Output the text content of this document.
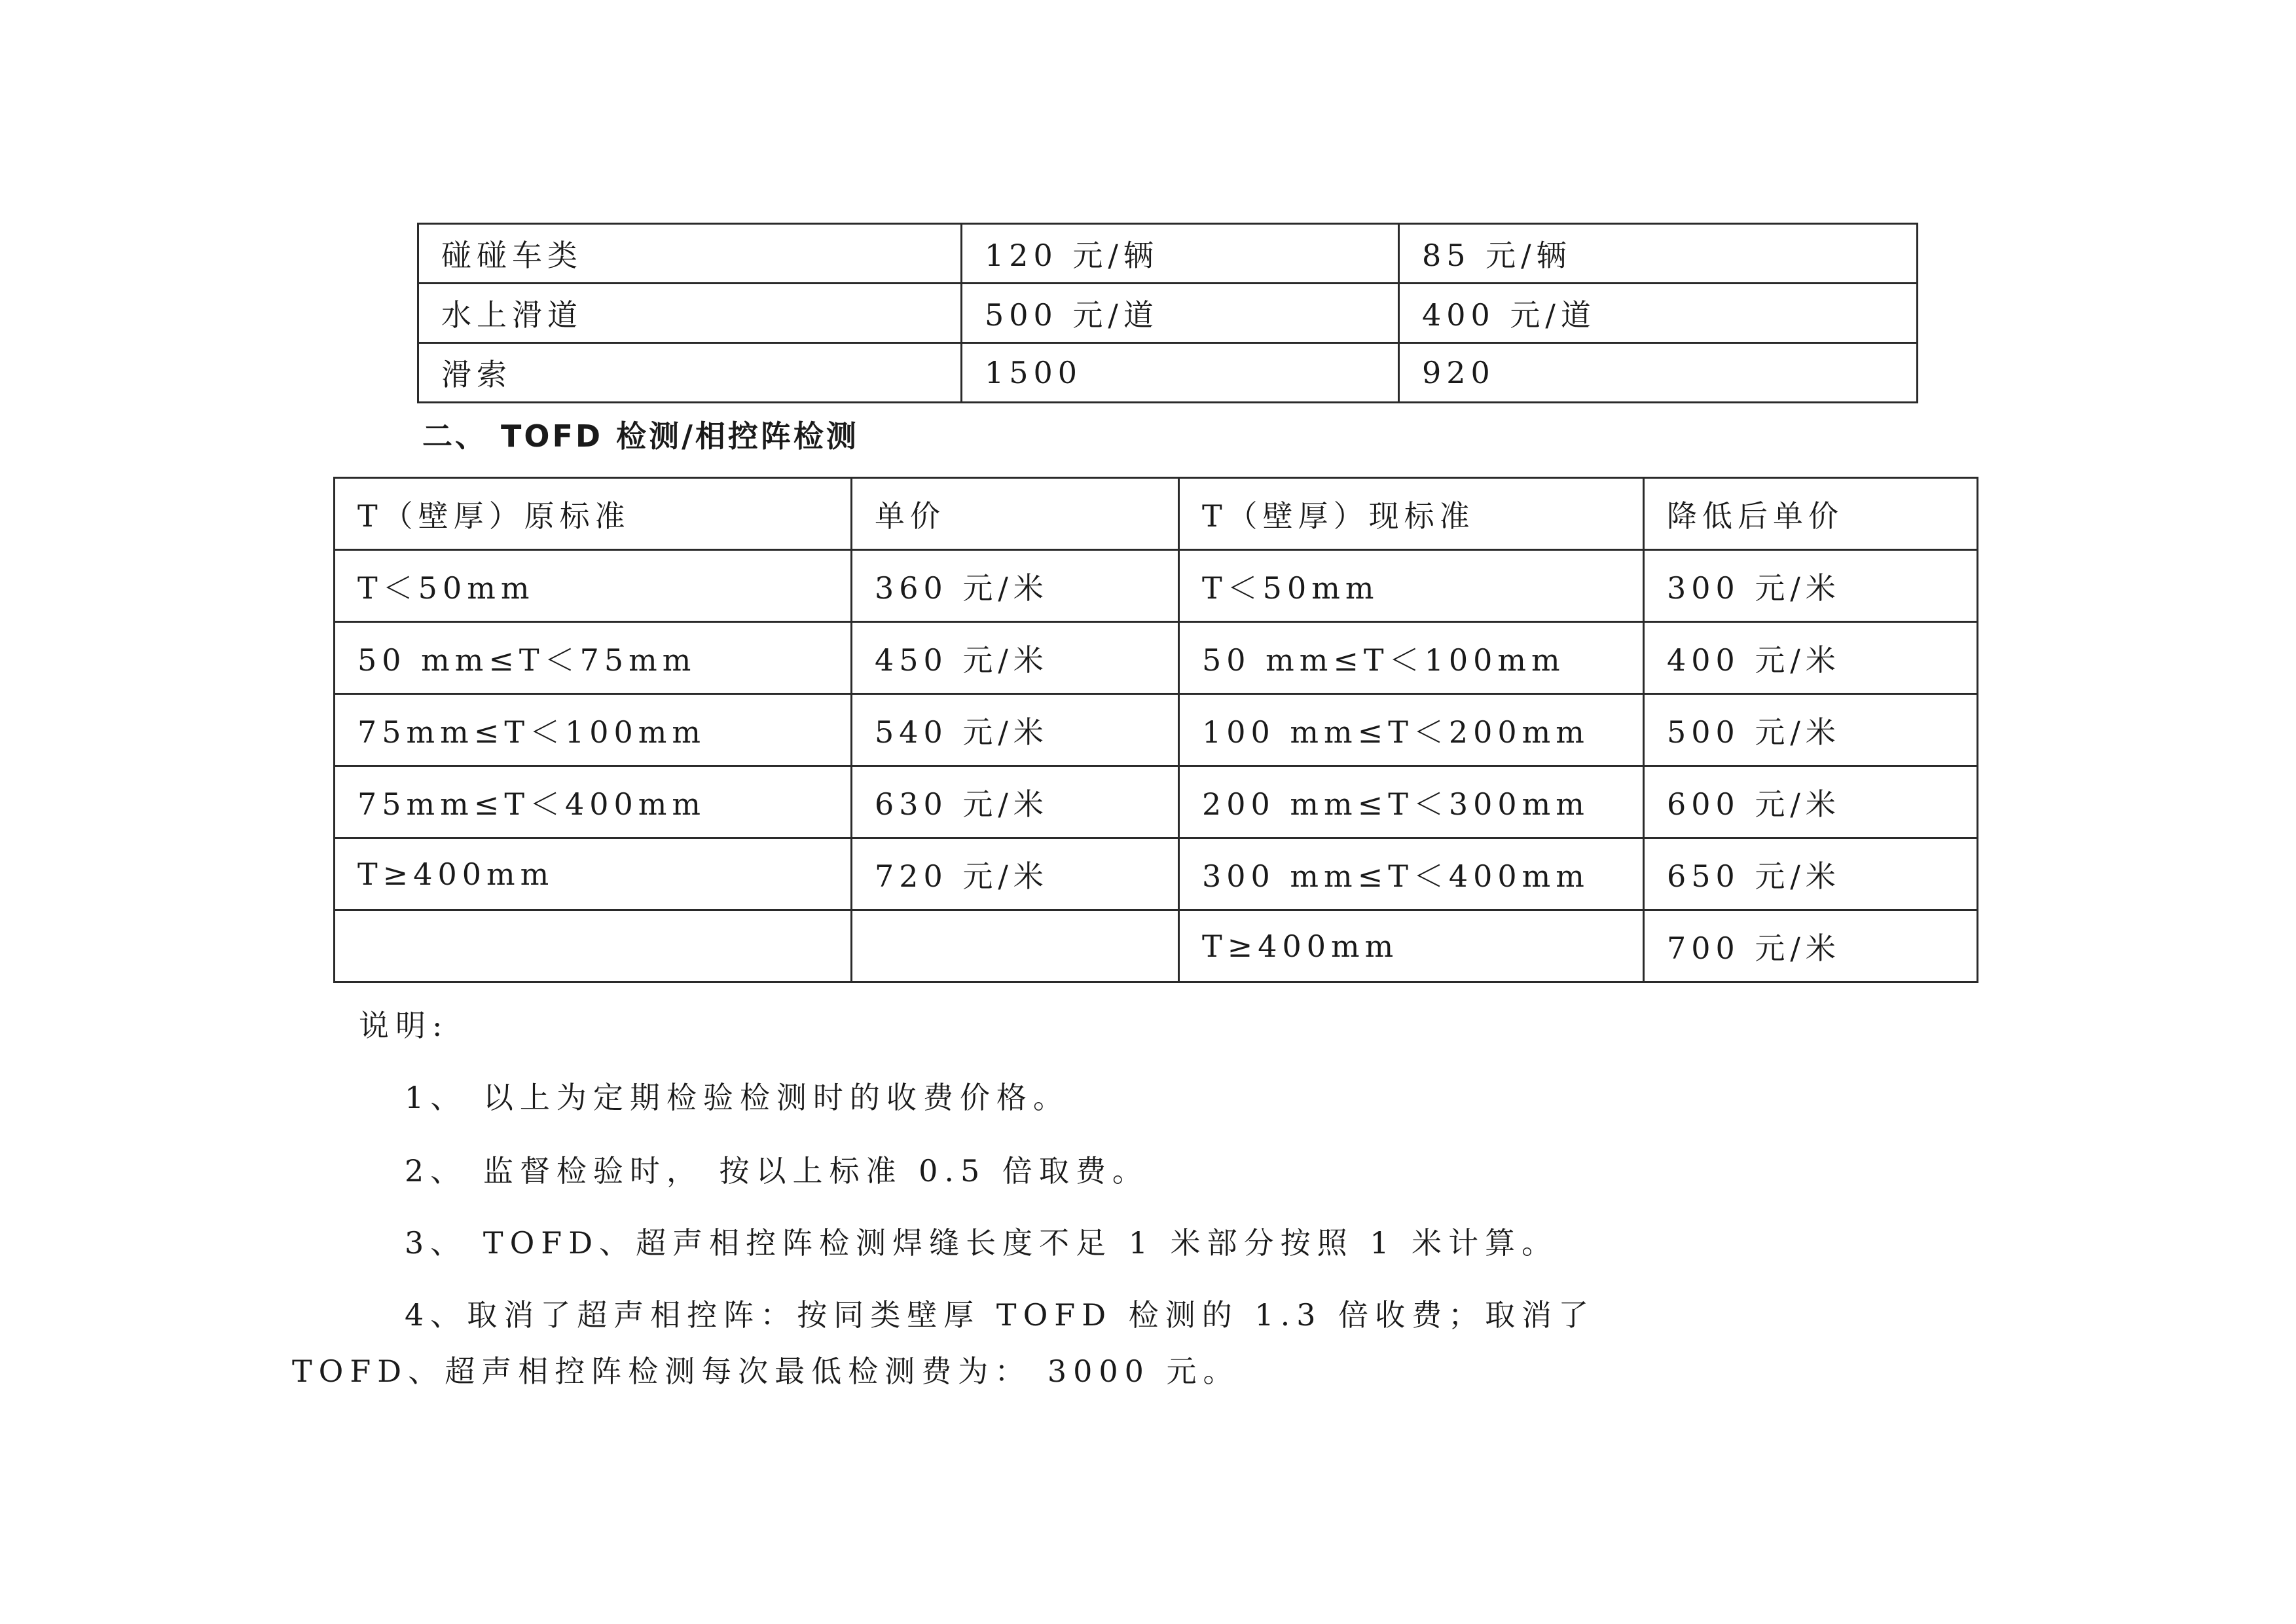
碰碰车类	120 元/辆	85 元/辆
水上滑道	500 元/道	400 元/道
滑索	1500	920
二、 TOFD 检测/相控阵检测
T（壁厚）原标准	单价	T（壁厚）现标准	降低后单价
T＜50mm	360 元/米	T＜50mm	300 元/米
50 mm≤T＜75mm	450 元/米	50 mm≤T＜100mm	400 元/米
75mm≤T＜100mm	540 元/米	100 mm≤T＜200mm	500 元/米
75mm≤T＜400mm	630 元/米	200 mm≤T＜300mm	600 元/米
T≥400mm	720 元/米	300 mm≤T＜400mm	650 元/米
		T≥400mm	700 元/米
说明:
1、 以上为定期检验检测时的收费价格。
2、 监督检验时， 按以上标准 0.5 倍取费。
3、 TOFD、超声相控阵检测焊缝长度不足 1 米部分按照 1 米计算。
4、取消了超声相控阵：按同类壁厚 TOFD 检测的 1.3 倍收费；取消了
TOFD、超声相控阵检测每次最低检测费为： 3000 元。
